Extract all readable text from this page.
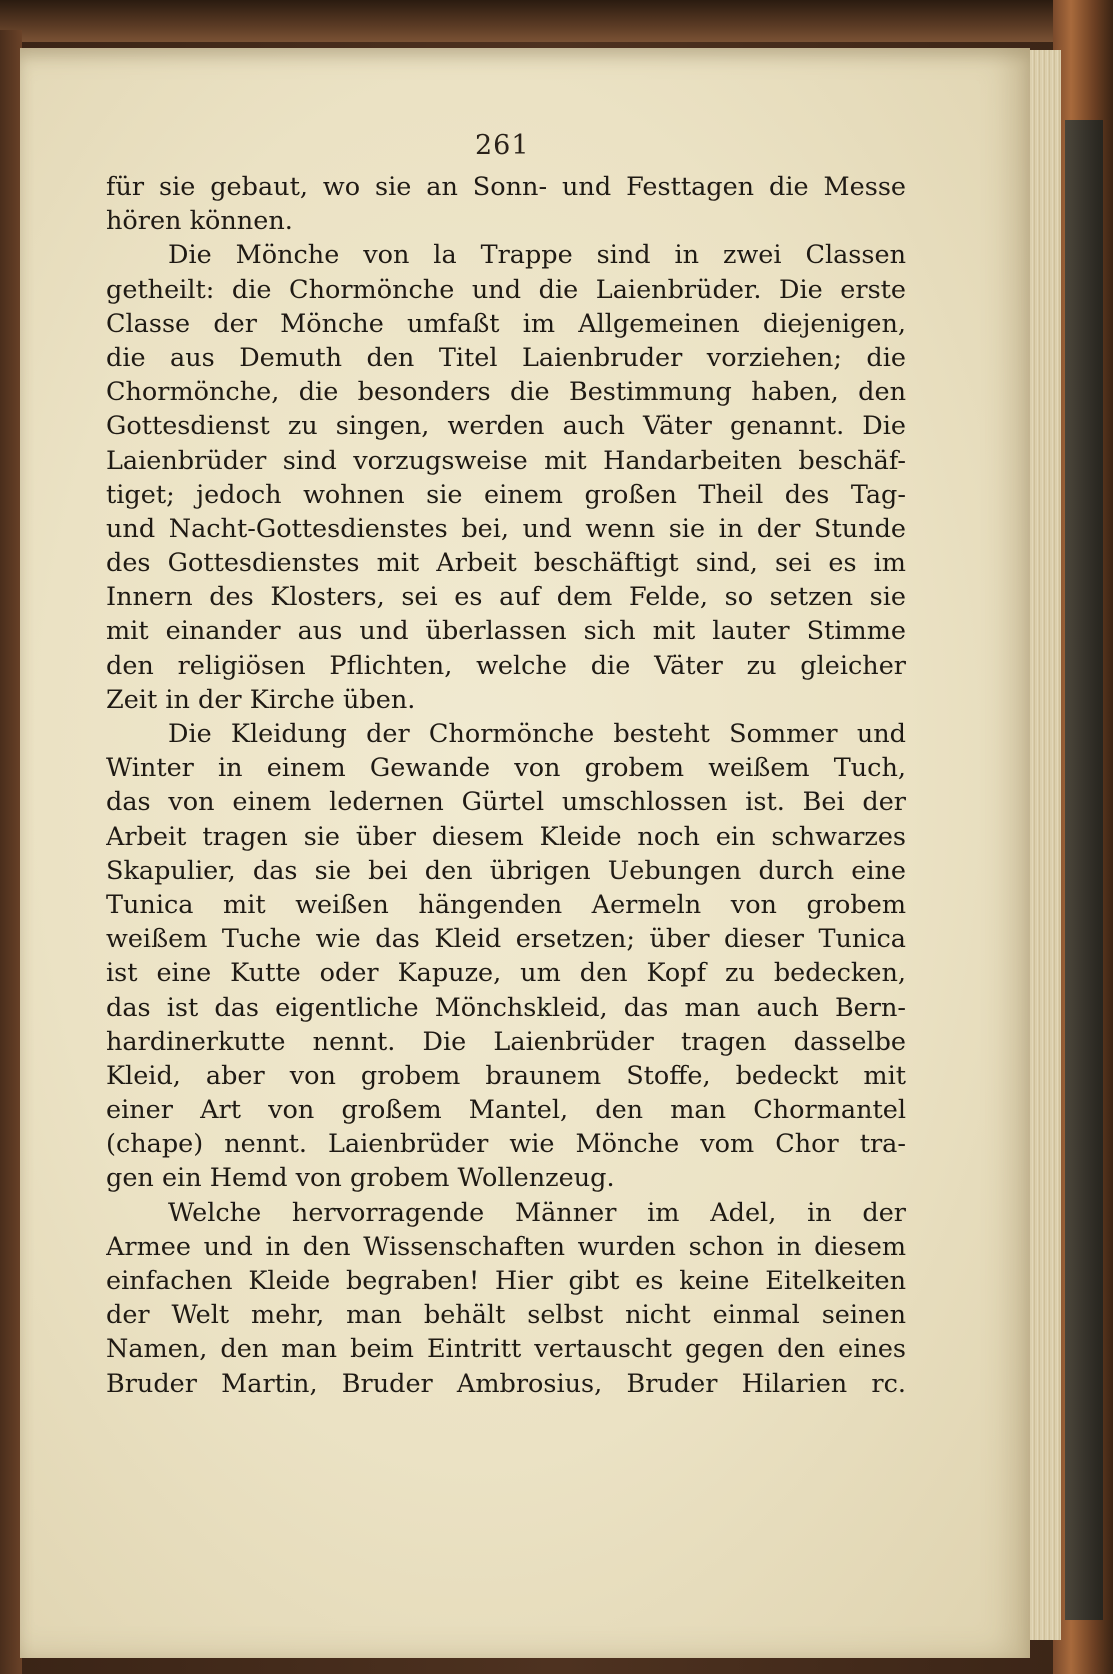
261
für sie gebaut, wo sie an Sonn- und Festtagen die Messe
hören können.
Die Mönche von la Trappe sind in zwei Classen
getheilt: die Chormönche und die Laienbrüder. Die erste
Classe der Mönche umfaßt im Allgemeinen diejenigen,
die aus Demuth den Titel Laienbruder vorziehen; die
Chormönche, die besonders die Bestimmung haben, den
Gottesdienst zu singen, werden auch Väter genannt. Die
Laienbrüder sind vorzugsweise mit Handarbeiten beschäf-
tiget; jedoch wohnen sie einem großen Theil des Tag-
und Nacht-Gottesdienstes bei, und wenn sie in der Stunde
des Gottesdienstes mit Arbeit beschäftigt sind, sei es im
Innern des Klosters, sei es auf dem Felde, so setzen sie
mit einander aus und überlassen sich mit lauter Stimme
den religiösen Pflichten, welche die Väter zu gleicher
Zeit in der Kirche üben.
Die Kleidung der Chormönche besteht Sommer und
Winter in einem Gewande von grobem weißem Tuch,
das von einem ledernen Gürtel umschlossen ist. Bei der
Arbeit tragen sie über diesem Kleide noch ein schwarzes
Skapulier, das sie bei den übrigen Uebungen durch eine
Tunica mit weißen hängenden Aermeln von grobem
weißem Tuche wie das Kleid ersetzen; über dieser Tunica
ist eine Kutte oder Kapuze, um den Kopf zu bedecken,
das ist das eigentliche Mönchskleid, das man auch Bern-
hardinerkutte nennt. Die Laienbrüder tragen dasselbe
Kleid, aber von grobem braunem Stoffe, bedeckt mit
einer Art von großem Mantel, den man Chormantel
(chape) nennt. Laienbrüder wie Mönche vom Chor tra-
gen ein Hemd von grobem Wollenzeug.
Welche hervorragende Männer im Adel, in der
Armee und in den Wissenschaften wurden schon in diesem
einfachen Kleide begraben! Hier gibt es keine Eitelkeiten
der Welt mehr, man behält selbst nicht einmal seinen
Namen, den man beim Eintritt vertauscht gegen den eines
Bruder Martin, Bruder Ambrosius, Bruder Hilarien rc.
